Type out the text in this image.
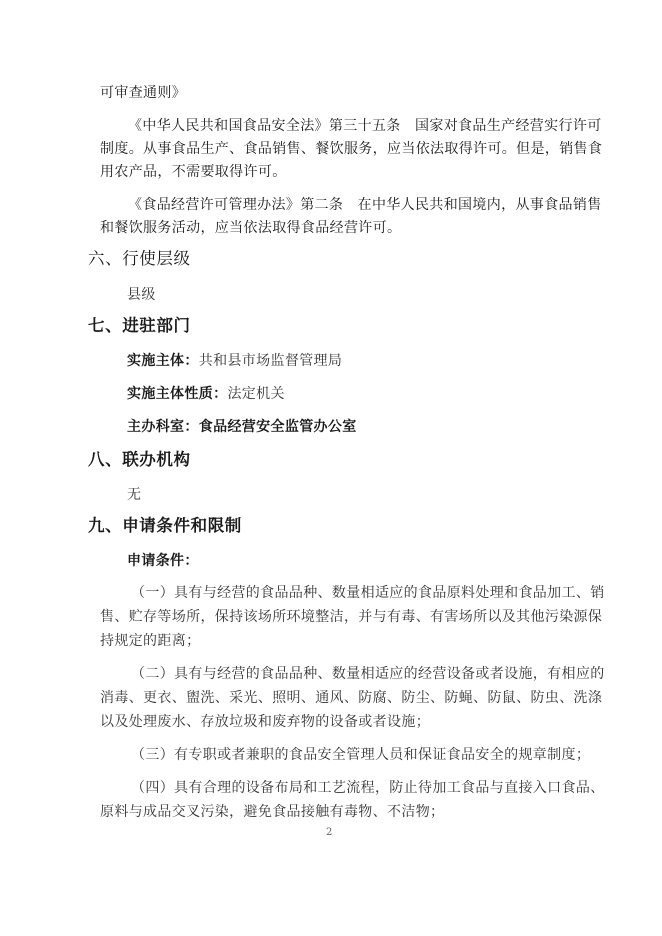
可审查通则》
《中华人民共和国食品安全法》第三十五条　国家对食品生产经营实行许可
制度。从事食品生产、食品销售、餐饮服务，应当依法取得许可。但是，销售食
用农产品，不需要取得许可。
《食品经营许可管理办法》第二条　在中华人民共和国境内，从事食品销售
和餐饮服务活动，应当依法取得食品经营许可。
六、行使层级
县级
七、进驻部门
实施主体：共和县市场监督管理局
实施主体性质：法定机关
主办科室：食品经营安全监管办公室
八、联办机构
无
九、申请条件和限制
申请条件：
（一）具有与经营的食品品种、数量相适应的食品原料处理和食品加工、销
售、贮存等场所，保持该场所环境整洁，并与有毒、有害场所以及其他污染源保
持规定的距离；
（二）具有与经营的食品品种、数量相适应的经营设备或者设施，有相应的
消毒、更衣、盥洗、采光、照明、通风、防腐、防尘、防蝇、防鼠、防虫、洗涤
以及处理废水、存放垃圾和废弃物的设备或者设施；
（三）有专职或者兼职的食品安全管理人员和保证食品安全的规章制度；
（四）具有合理的设备布局和工艺流程，防止待加工食品与直接入口食品、
原料与成品交叉污染，避免食品接触有毒物、不洁物；
2
